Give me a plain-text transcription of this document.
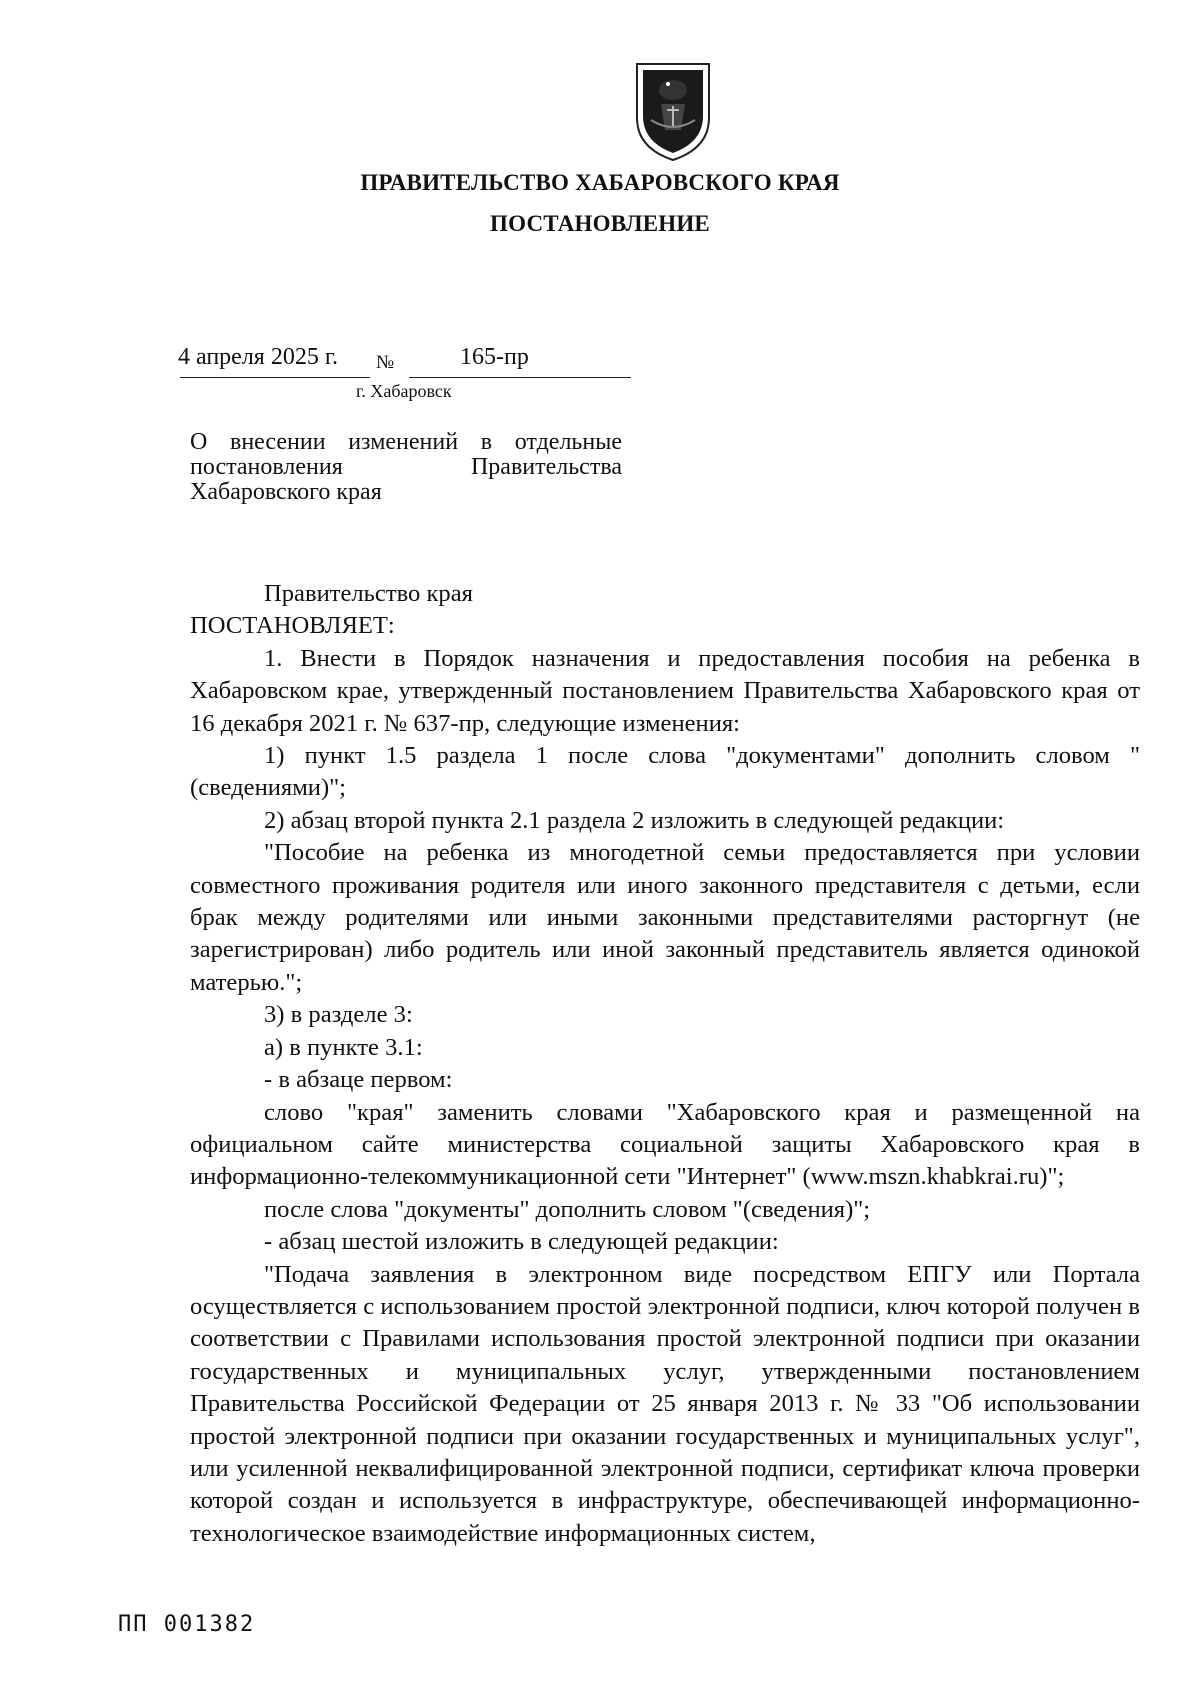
ПРАВИТЕЛЬСТВО ХАБАРОВСКОГО КРАЯ
ПОСТАНОВЛЕНИЕ
4 апреля 2025 г. №	165-пр
г. Хабаровск
О внесении изменений в отдельные
постановления Правительства
Хабаровского края

Правительство края

ПОСТАНОВЛЯЕТ:

1. Внести в Порядок назначения и предоставления пособия на ребенка в Хабаровском крае, утвержденный постановлением Правительства Хабаровского края от 16 декабря 2021 г. № 637-пр, следующие изменения:

1) пункт 1.5 раздела 1 после слова "документами" дополнить словом "(сведениями)";

2) абзац второй пункта 2.1 раздела 2 изложить в следующей редакции:

"Пособие на ребенка из многодетной семьи предоставляется при условии совместного проживания родителя или иного законного представителя с детьми, если брак между родителями или иными законными представителями расторгнут (не зарегистрирован) либо родитель или иной законный представитель является одинокой матерью.";

3) в разделе 3:

а) в пункте 3.1:

- в абзаце первом:

слово "края" заменить словами "Хабаровского края и размещенной на официальном сайте министерства социальной защиты Хабаровского края в информационно-телекоммуникационной сети "Интернет" (www.mszn.khabkrai.ru)";

после слова "документы" дополнить словом "(сведения)";

- абзац шестой изложить в следующей редакции:

"Подача заявления в электронном виде посредством ЕПГУ или Портала осуществляется с использованием простой электронной подписи, ключ которой получен в соответствии с Правилами использования простой электронной подписи при оказании государственных и муниципальных услуг, утвержденными постановлением Правительства Российской Федерации от 25 января 2013 г. № 33 "Об использовании простой электронной подписи при оказании государственных и муниципальных услуг", или усиленной неквалифицированной электронной подписи, сертификат ключа проверки которой создан и используется в инфраструктуре, обеспечивающей информационно-технологическое взаимодействие информационных систем,

ПП 001382
